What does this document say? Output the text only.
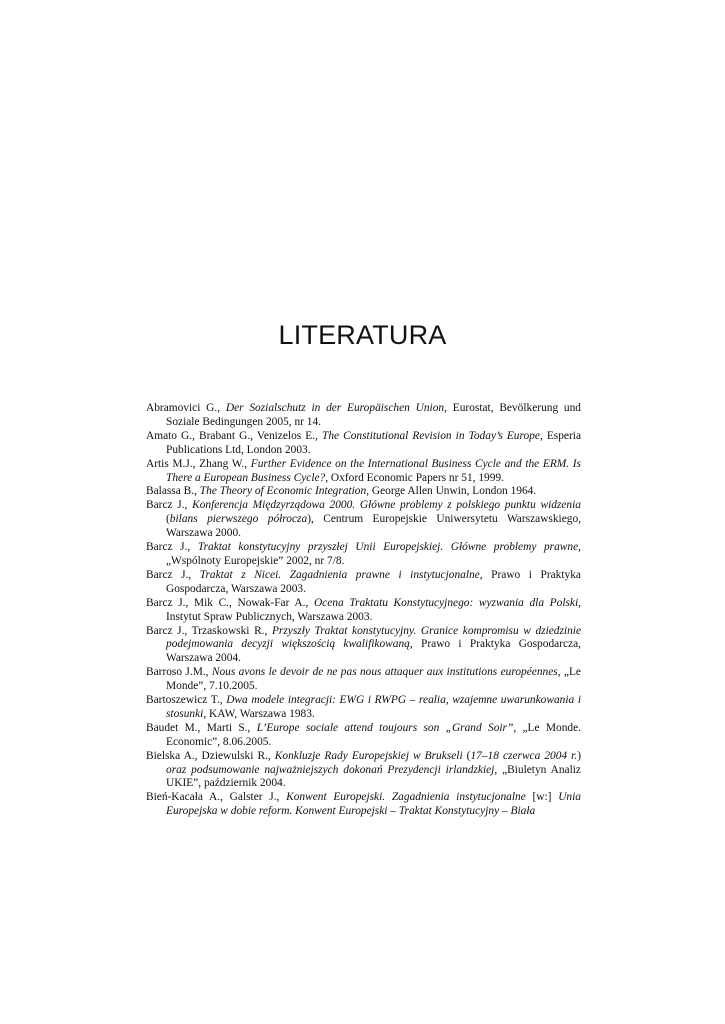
LITERATURA

Abramovici G., Der Sozialschutz in der Europäischen Union, Eurostat, Bevölkerung und Soziale Bedingungen 2005, nr 14.

Amato G., Brabant G., Venizelos E., The Constitutional Revision in Today’s Europe, Esperia Publications Ltd, London 2003.

Artis M.J., Zhang W., Further Evidence on the International Business Cycle and the ERM. Is There a European Business Cycle?, Oxford Economic Papers nr 51, 1999.

Balassa B., The Theory of Economic Integration, George Allen Unwin, London 1964.

Barcz J., Konferencja Międzyrządowa 2000. Główne problemy z polskiego punktu widzenia (bilans pierwszego półrocza), Centrum Europejskie Uniwersytetu Warszawskiego, Warszawa 2000.

Barcz J., Traktat konstytucyjny przyszłej Unii Europejskiej. Główne problemy prawne, „Wspólnoty Europejskie” 2002, nr 7/8.

Barcz J., Traktat z Nicei. Zagadnienia prawne i instytucjonalne, Prawo i Praktyka Gospodarcza, Warszawa 2003.

Barcz J., Mik C., Nowak-Far A., Ocena Traktatu Konstytucyjnego: wyzwania dla Polski, Instytut Spraw Publicznych, Warszawa 2003.

Barcz J., Trzaskowski R., Przyszły Traktat konstytucyjny. Granice kompromisu w dziedzinie podejmowania decyzji większością kwalifikowaną, Prawo i Praktyka Gospodarcza, Warszawa 2004.

Barroso J.M., Nous avons le devoir de ne pas nous attaquer aux institutions européennes, „Le Monde”, 7.10.2005.

Bartoszewicz T., Dwa modele integracji: EWG i RWPG – realia, wzajemne uwarunkowania i stosunki, KAW, Warszawa 1983.

Baudet M., Marti S., L’Europe sociale attend toujours son „Grand Soir”, „Le Monde. Economic”, 8.06.2005.

Bielska A., Dziewulski R., Konkluzje Rady Europejskiej w Brukseli (17–18 czerwca 2004 r.) oraz podsumowanie najważniejszych dokonań Prezydencji irlandzkiej, „Biuletyn Analiz UKIE”, październik 2004.

Bień-Kacała A., Galster J., Konwent Europejski. Zagadnienia instytucjonalne [w:] Unia Europejska w dobie reform. Konwent Europejski – Traktat Konstytucyjny – Biała
